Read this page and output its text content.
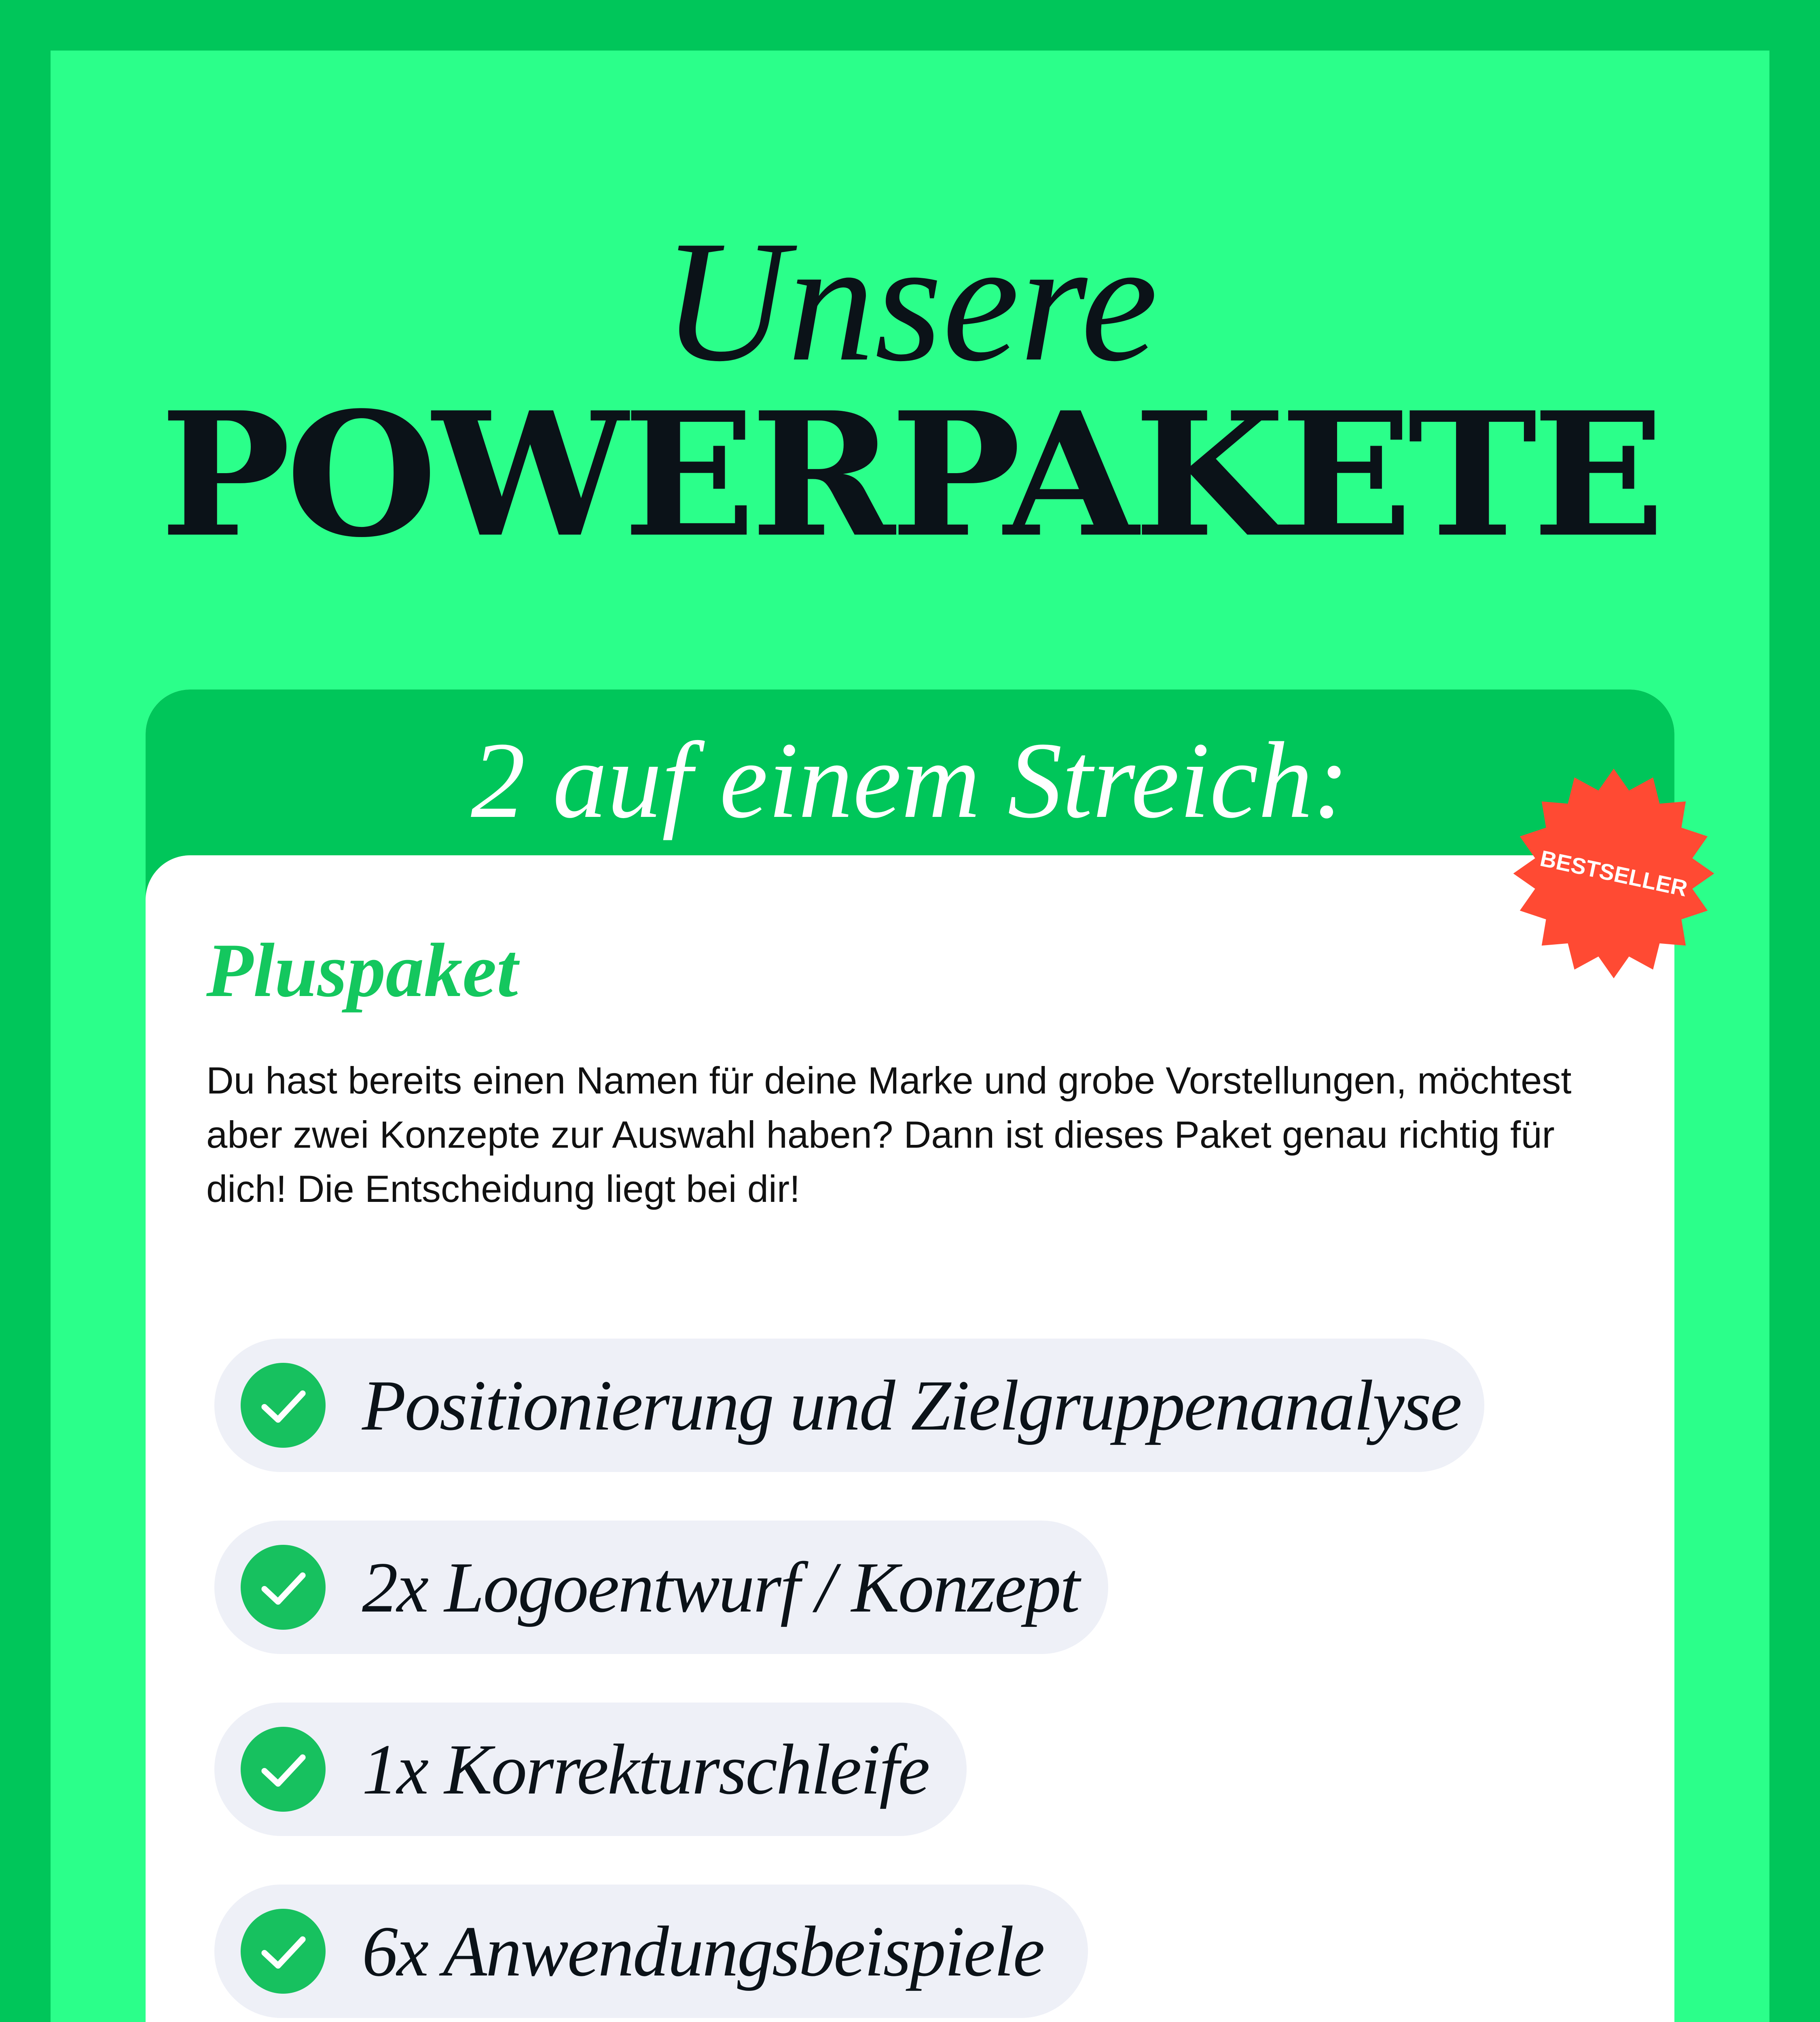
Unsere
POWERPAKETE
2 auf einem Streich:
Pluspaket
Du hast bereits einen Namen für deine Marke und grobe Vorstellungen, möchtest aber zwei Konzepte zur Auswahl haben? Dann ist dieses Paket genau richtig für dich! Die Entscheidung liegt bei dir!
Positionierung und Zielgruppenanalyse
2x Logoentwurf / Konzept
1x Korrekturschleife
6x Anwendungsbeispiele
BESTSELLER
